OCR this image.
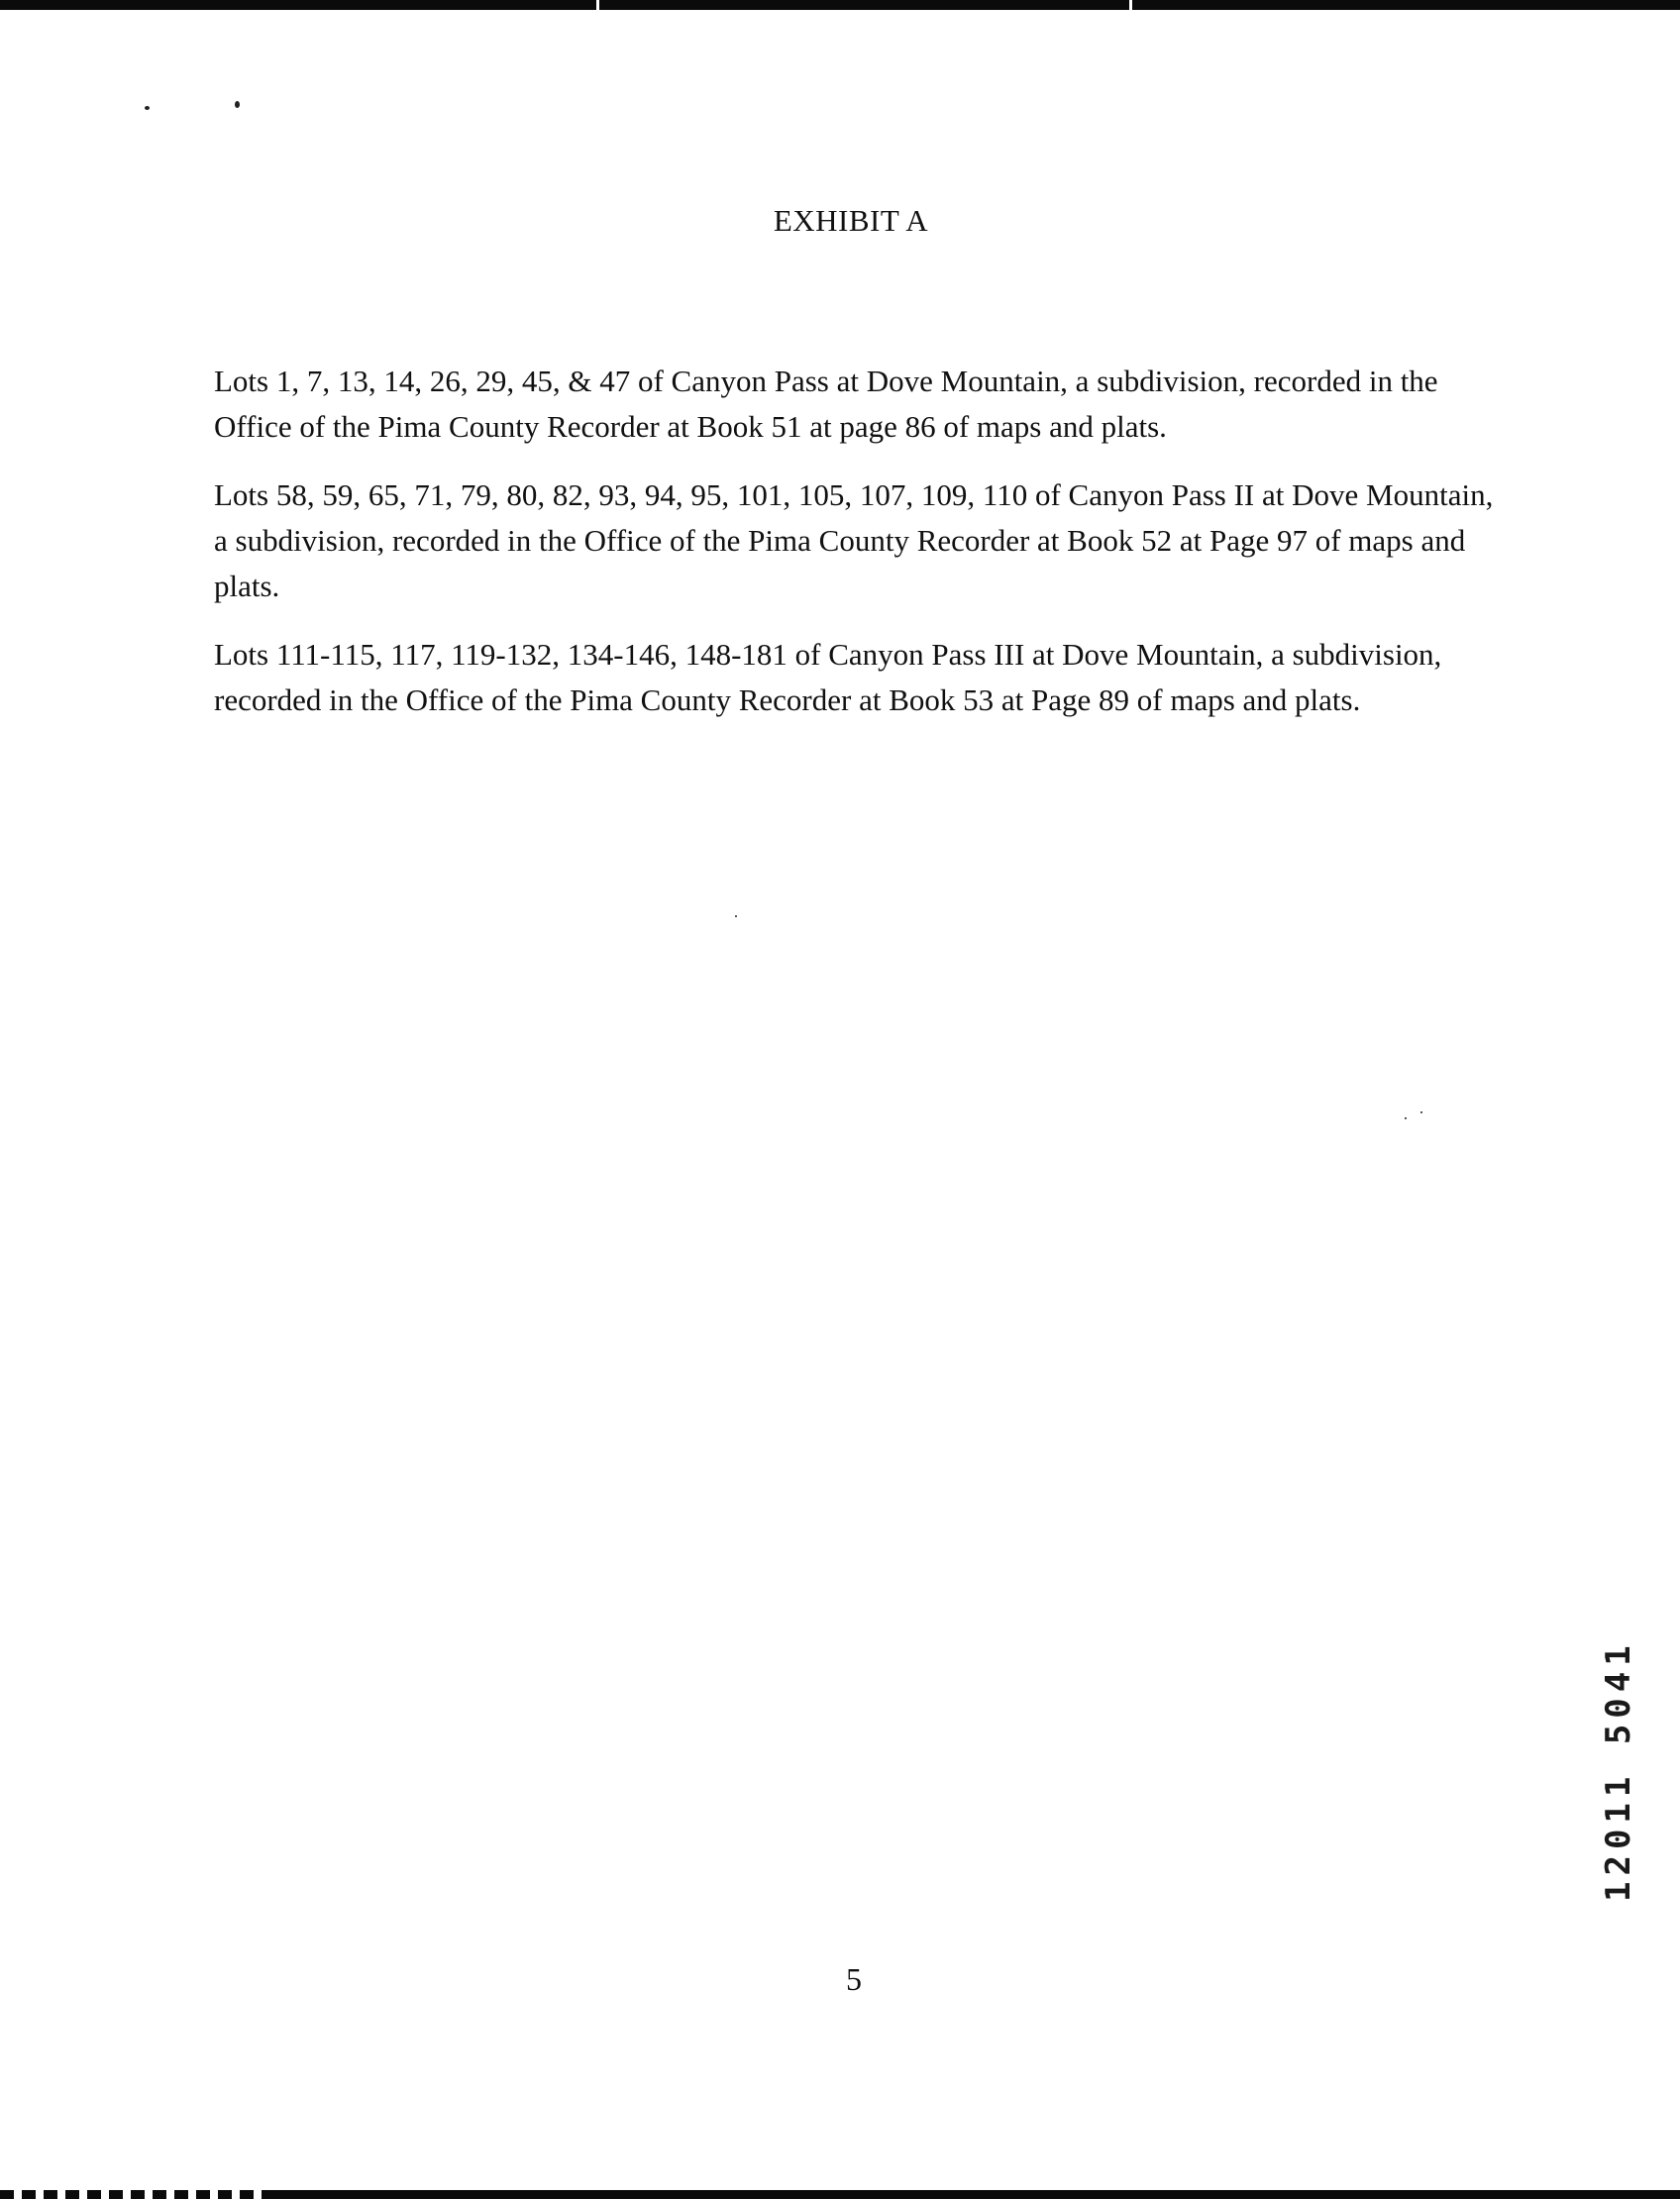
EXHIBIT A

Lots 1, 7, 13, 14, 26, 29, 45, & 47 of Canyon Pass at Dove Mountain, a subdivision, recorded in the Office of the Pima County Recorder at Book 51 at page 86 of maps and plats.

Lots 58, 59, 65, 71, 79, 80, 82, 93, 94, 95, 101, 105, 107, 109, 110 of Canyon Pass II at Dove Mountain, a subdivision, recorded in the Office of the Pima County Recorder at Book 52 at Page 97 of maps and plats.

Lots 111-115, 117, 119-132, 134-146, 148-181 of Canyon Pass III at Dove Mountain, a subdivision, recorded in the Office of the Pima County Recorder at Book 53 at Page 89 of maps and plats.

12011 5041
5
